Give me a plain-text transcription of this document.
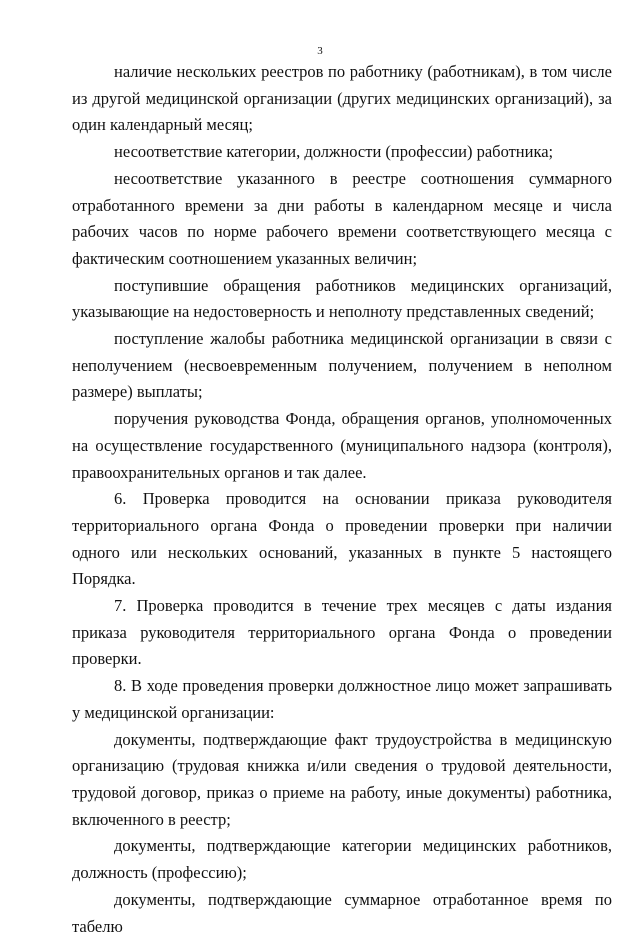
3

наличие нескольких реестров по работнику (работникам), в том числе из другой медицинской организации (других медицинских организаций), за один календарный месяц;

несоответствие категории, должности (профессии) работника;

несоответствие указанного в реестре соотношения суммарного отработанного времени за дни работы в календарном месяце и числа рабочих часов по норме рабочего времени соответствующего месяца с фактическим соотношением указанных величин;

поступившие обращения работников медицинских организаций, указывающие на недостоверность и неполноту представленных сведений;

поступление жалобы работника медицинской организации в связи с неполучением (несвоевременным получением, получением в неполном размере) выплаты;

поручения руководства Фонда, обращения органов, уполномоченных на осуществление государственного (муниципального надзора (контроля), правоохранительных органов и так далее.

6. Проверка проводится на основании приказа руководителя территориального органа Фонда о проведении проверки при наличии одного или нескольких оснований, указанных в пункте 5 настоящего Порядка.

7. Проверка проводится в течение трех месяцев с даты издания приказа руководителя территориального органа Фонда о проведении проверки.

8. В ходе проведения проверки должностное лицо может запрашивать у медицинской организации:

документы, подтверждающие факт трудоустройства в медицинскую организацию (трудовая книжка и/или сведения о трудовой деятельности, трудовой договор, приказ о приеме на работу, иные документы) работника, включенного в реестр;

документы, подтверждающие категории медицинских работников, должность (профессию);

документы, подтверждающие суммарное отработанное время по табелю
